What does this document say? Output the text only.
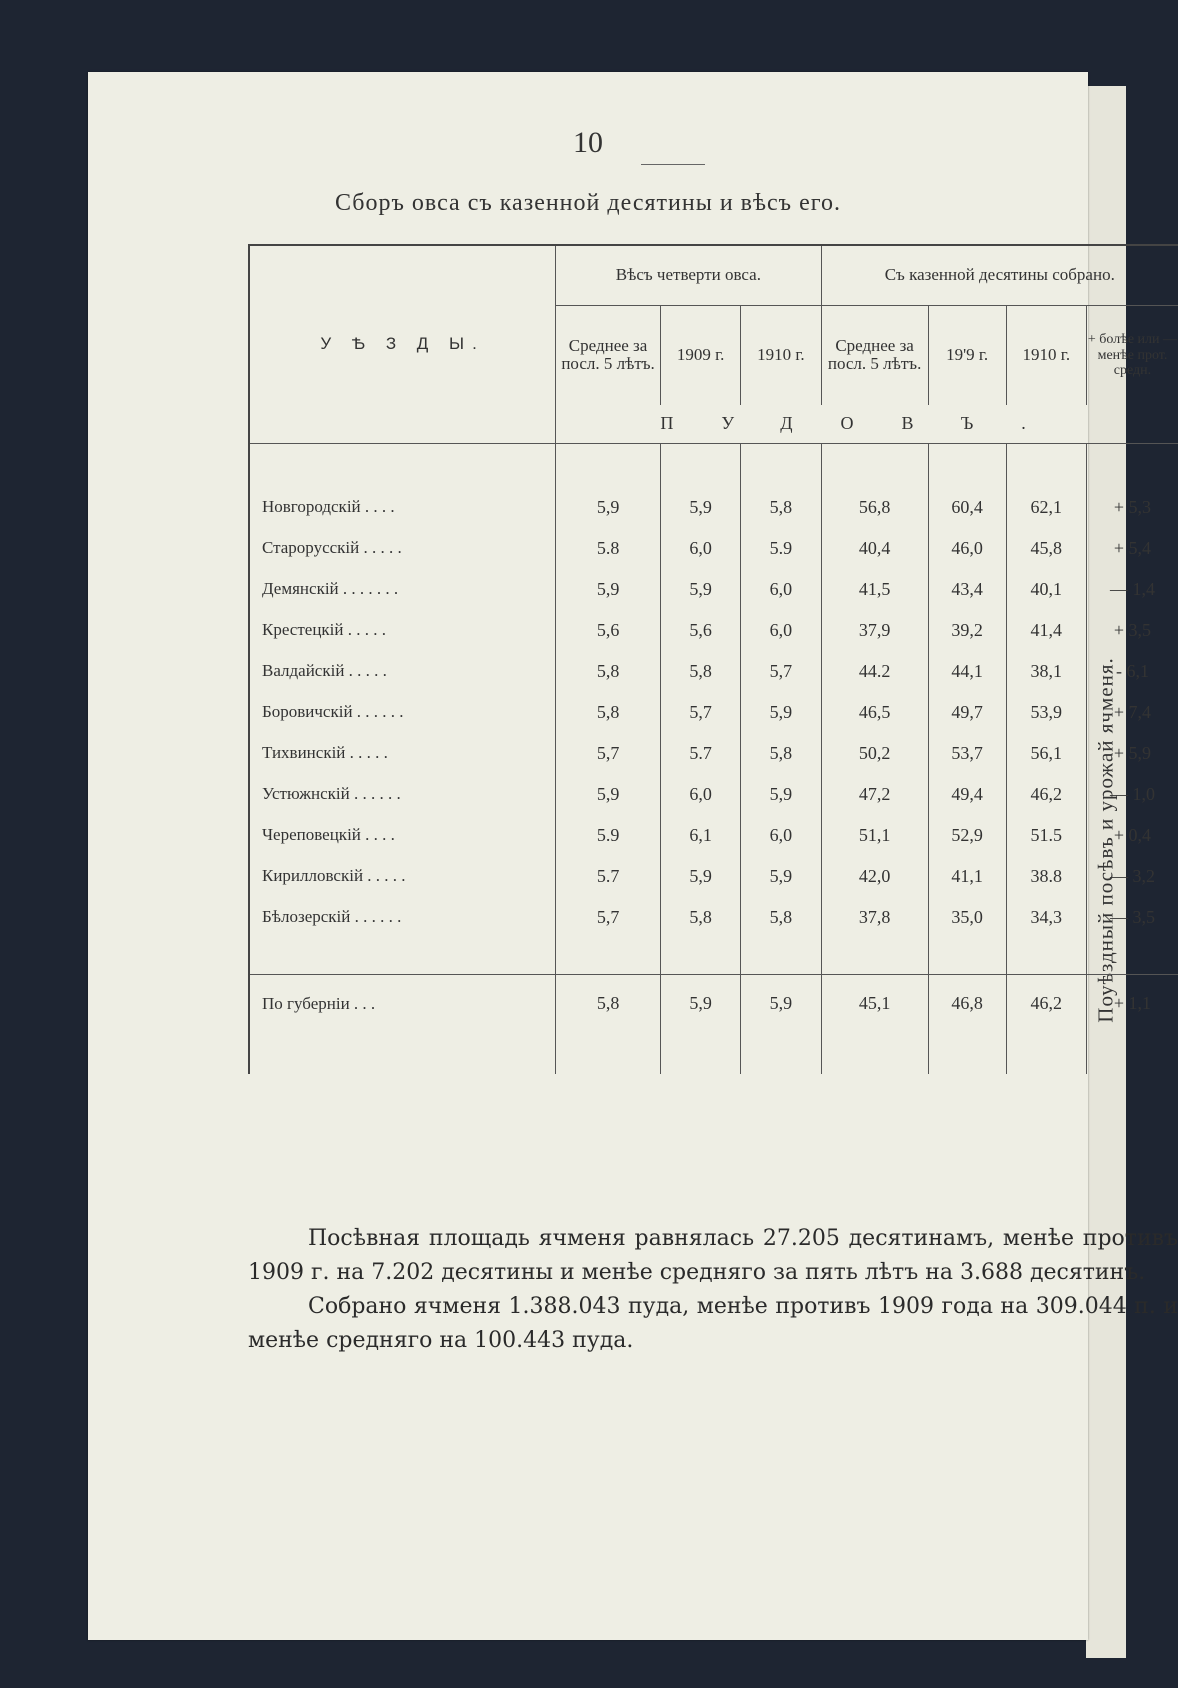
Поуѣздный посѣвъ и урожай ячменя.
10
Сборъ овса съ казенной десятины и вѣсъ его.
У Ѣ З Д Ы.	Вѣсъ четверти овса.			Съ казенной десятины собрано.			
	Среднее за посл. 5 лѣтъ.	1909 г.	1910 г.	Среднее за посл. 5 лѣтъ.	19'9 г.	1910 г.	+ болѣе или —менѣе прот. средн.
	ПУДОВЪ.						

Новгородскій . . . .	5,9	5,9	5,8	56,8	60,4	62,1	+ 5,3
Старорусскій . . . . .	5.8	6,0	5.9	40,4	46,0	45,8	+ 5,4
Демянскій . . . . . . .	5,9	5,9	6,0	41,5	43,4	40,1	— 1,4
Крестецкій . . . . .	5,6	5,6	6,0	37,9	39,2	41,4	+ 3,5
Валдайскій . . . . .	5,8	5,8	5,7	44.2	44,1	38,1	- 6,1
Боровичскій . . . . . .	5,8	5,7	5,9	46,5	49,7	53,9	+ 7,4
Тихвинскій . . . . .	5,7	5.7	5,8	50,2	53,7	56,1	+ 5,9
Устюжнскій . . . . . .	5,9	6,0	5,9	47,2	49,4	46,2	— 1,0
Череповецкій . . . .	5.9	6,1	6,0	51,1	52,9	51.5	+ 0,4
Кирилловскій . . . . .	5.7	5,9	5,9	42,0	41,1	38.8	— 3,2
Бѣлозерскій . . . . . .	5,7	5,8	5,8	37,8	35,0	34,3	— 3,5

По губерніи . . .	5,8	5,9	5,9	45,1	46,8	46,2	+ 1,1

Посѣвная площадь ячменя равнялась 27.205 десятинамъ, менѣе противъ 1909 г. на 7.202 десятины и менѣе средняго за пять лѣтъ на 3.688 десятинъ.

Собрано ячменя 1.388.043 пуда, менѣе противъ 1909 года на 309.044 п. и менѣе средняго на 100.443 пуда.
